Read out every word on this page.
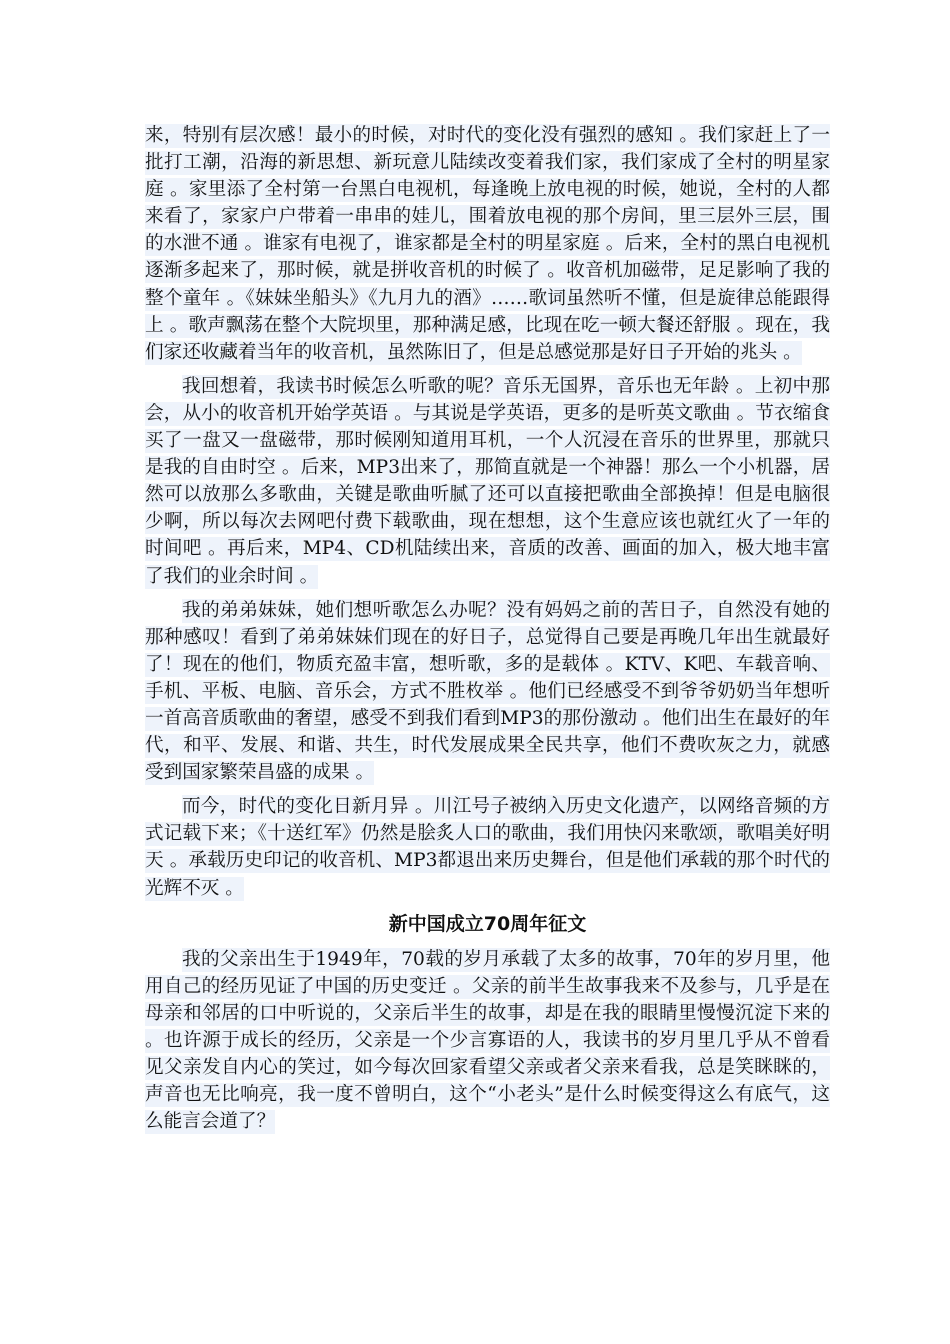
来，特别有层次感！最小的时候，对时代的变化没有强烈的感知 。我们家赶上了一批打工潮，沿海的新思想、新玩意儿陆续改变着我们家，我们家成了全村的明星家庭 。家里添了全村第一台黑白电视机，每逢晚上放电视的时候，她说，全村的人都来看了，家家户户带着一串串的娃儿，围着放电视的那个房间，里三层外三层，围的水泄不通 。谁家有电视了，谁家都是全村的明星家庭 。后来，全村的黑白电视机逐渐多起来了，那时候，就是拼收音机的时候了 。收音机加磁带，足足影响了我的整个童年 。《妹妹坐船头》《九月九的酒》……歌词虽然听不懂，但是旋律总能跟得上 。歌声飘荡在整个大院坝里，那种满足感，比现在吃一顿大餐还舒服 。现在，我们家还收藏着当年的收音机，虽然陈旧了，但是总感觉那是好日子开始的兆头 。

我回想着，我读书时候怎么听歌的呢？音乐无国界，音乐也无年龄 。上初中那会，从小的收音机开始学英语 。与其说是学英语，更多的是听英文歌曲 。节衣缩食买了一盘又一盘磁带，那时候刚知道用耳机，一个人沉浸在音乐的世界里，那就只是我的自由时空 。后来，MP3出来了，那简直就是一个神器！那么一个小机器，居然可以放那么多歌曲，关键是歌曲听腻了还可以直接把歌曲全部换掉！但是电脑很少啊，所以每次去网吧付费下载歌曲，现在想想，这个生意应该也就红火了一年的时间吧 。再后来，MP4、CD机陆续出来，音质的改善、画面的加入，极大地丰富了我们的业余时间 。

我的弟弟妹妹，她们想听歌怎么办呢？没有妈妈之前的苦日子，自然没有她的那种感叹！看到了弟弟妹妹们现在的好日子，总觉得自己要是再晚几年出生就最好了！现在的他们，物质充盈丰富，想听歌，多的是载体 。KTV、K吧、车载音响、手机、平板、电脑、音乐会，方式不胜枚举 。他们已经感受不到爷爷奶奶当年想听一首高音质歌曲的奢望，感受不到我们看到MP3的那份激动 。他们出生在最好的年代，和平、发展、和谐、共生，时代发展成果全民共享，他们不费吹灰之力，就感受到国家繁荣昌盛的成果 。

而今，时代的变化日新月异 。川江号子被纳入历史文化遗产，以网络音频的方式记载下来；《十送红军》仍然是脍炙人口的歌曲，我们用快闪来歌颂，歌唱美好明天 。承载历史印记的收音机、MP3都退出来历史舞台，但是他们承载的那个时代的光辉不灭 。

新中国成立70周年征文

我的父亲出生于1949年，70载的岁月承载了太多的故事，70年的岁月里，他用自己的经历见证了中国的历史变迁 。父亲的前半生故事我来不及参与，几乎是在母亲和邻居的口中听说的，父亲后半生的故事，却是在我的眼睛里慢慢沉淀下来的 。也许源于成长的经历，父亲是一个少言寡语的人，我读书的岁月里几乎从不曾看见父亲发自内心的笑过，如今每次回家看望父亲或者父亲来看我，总是笑眯眯的，声音也无比响亮，我一度不曾明白，这个“小老头”是什么时候变得这么有底气，这么能言会道了？
